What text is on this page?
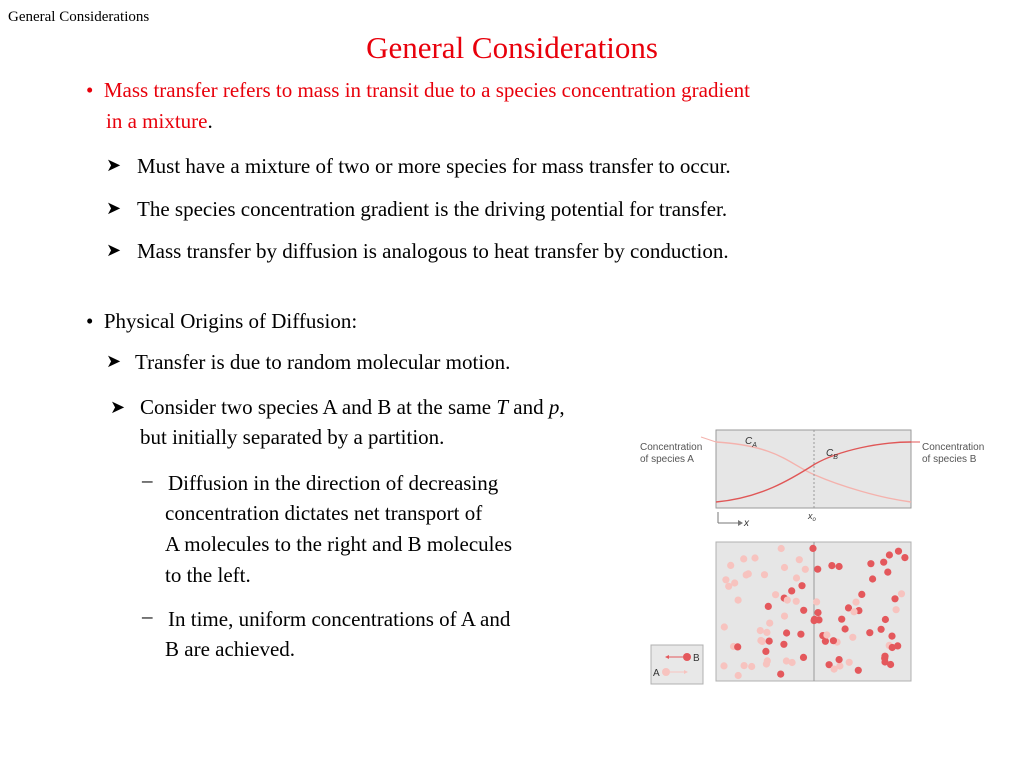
General Considerations
General Considerations
• Mass transfer refers to mass in transit due to a species concentration gradient
in a mixture.
➤ Must have a mixture of two or more species for mass transfer to occur.
➤ The species concentration gradient is the driving potential for transfer.
➤ Mass transfer by diffusion is analogous to heat transfer by conduction.
• Physical Origins of Diffusion:
➤ Transfer is due to random molecular motion.
➤ Consider two species A and B at the same T and p,
but initially separated by a partition.
– Diffusion in the direction of decreasing
concentration dictates net transport of
A molecules to the right and B molecules
to the left.
– In time, uniform concentrations of A and
B are achieved.
Concentration
of species A
Concentration
of species B
$C_A$
$C_B$
x
$x_o$
B
A
